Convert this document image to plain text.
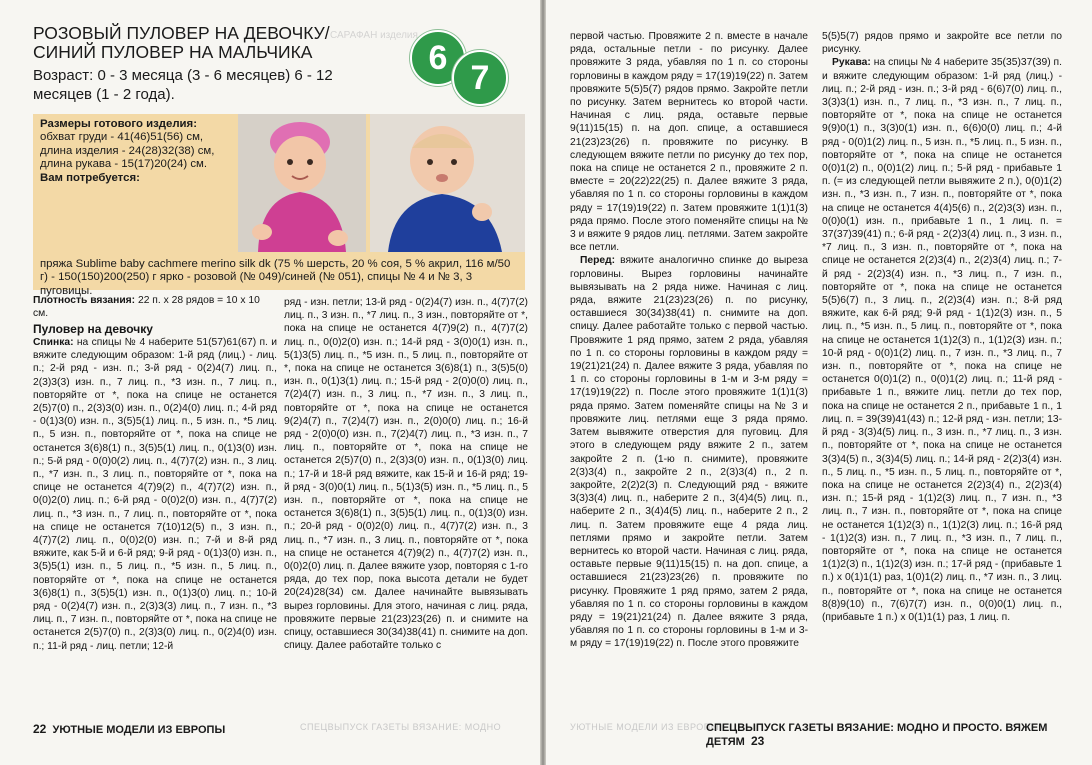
РОЗОВЫЙ ПУЛОВЕР НА ДЕВОЧКУ/ СИНИЙ ПУЛОВЕР НА МАЛЬЧИКА

Возраст: 0 - 3 месяца (3 - 6 месяцев) 6 - 12 месяцев (1 - 2 года).

САРАФАН изделия
6
7

Размеры готового изделия: обхват груди - 41(46)51(56) см, длина изделия - 24(28)32(38) см, длина рукава - 15(17)20(24) см.
Вам потребуется:

пряжа Sublime baby cachmere merino silk dk (75 % шерсть, 20 % соя, 5 % акрил, 116 м/50 г) - 150(150)200(250) г ярко - розовой (№ 049)/синей (№ 051), спицы № 4 и № 3, 3 пуговицы.

Плотность вязания: 22 п. x 28 рядов = 10 x 10 см.

Пуловер на девочку

Спинка: на спицы № 4 наберите 51(57)61(67) п. и вяжите следующим образом: 1-й ряд (лиц.) - лиц. п.; 2-й ряд - изн. п.; 3-й ряд - 0(2)4(7) лиц. п., 2(3)3(3) изн. п., 7 лиц. п., *3 изн. п., 7 лиц. п., повторяйте от *, пока на спице не останется 2(5)7(0) п., 2(3)3(0) изн. п., 0(2)4(0) лиц. п.; 4-й ряд - 0(1)3(0) изн. п., 3(5)5(1) лиц. п., 5 изн. п., *5 лиц. п., 5 изн. п., повторяйте от *, пока на спице не останется 3(6)8(1) п., 3(5)5(1) лиц. п., 0(1)3(0) изн. п.; 5-й ряд - 0(0)0(2) лиц. п., 4(7)7(2) изн. п., 3 лиц. п., *7 изн. п., 3 лиц. п., повторяйте от *, пока на спице не останется 4(7)9(2) п., 4(7)7(2) изн. п., 0(0)2(0) лиц. п.; 6-й ряд - 0(0)2(0) изн. п., 4(7)7(2) лиц. п., *3 изн. п., 7 лиц. п., повторяйте от *, пока на спице не останется 7(10)12(5) п., 3 изн. п., 4(7)7(2) лиц. п., 0(0)2(0) изн. п.; 7-й и 8-й ряд вяжите, как 5-й и 6-й ряд; 9-й ряд - 0(1)3(0) изн. п., 3(5)5(1) изн. п., 5 лиц. п., *5 изн. п., 5 лиц. п., повторяйте от *, пока на спице не останется 3(6)8(1) п., 3(5)5(1) изн. п., 0(1)3(0) лиц. п.; 10-й ряд - 0(2)4(7) изн. п., 2(3)3(3) лиц. п., 7 изн. п., *3 лиц. п., 7 изн. п., повторяйте от *, пока на спице не останется 2(5)7(0) п., 2(3)3(0) лиц. п., 0(2)4(0) изн. п.; 11-й ряд - лиц. петли; 12-й

ряд - изн. петли; 13-й ряд - 0(2)4(7) изн. п., 4(7)7(2) лиц. п., 3 изн. п., *7 лиц. п., 3 изн., повторяйте от *, пока на спице не останется 4(7)9(2) п., 4(7)7(2) лиц. п., 0(0)2(0) изн. п.; 14-й ряд - 3(0)0(1) изн. п., 5(1)3(5) лиц. п., *5 изн. п., 5 лиц. п., повторяйте от *, пока на спице не останется 3(6)8(1) п., 3(5)5(0) изн. п., 0(1)3(1) лиц. п.; 15-й ряд - 2(0)0(0) лиц. п., 7(2)4(7) изн. п., 3 лиц. п., *7 изн. п., 3 лиц. п., повторяйте от *, пока на спице не останется 9(2)4(7) п., 7(2)4(7) изн. п., 2(0)0(0) лиц. п.; 16-й ряд - 2(0)0(0) изн. п., 7(2)4(7) лиц. п., *3 изн. п., 7 лиц. п., повторяйте от *, пока на спице не останется 2(5)7(0) п., 2(3)3(0) изн. п., 0(1)3(0) лиц. п.; 17-й и 18-й ряд вяжите, как 15-й и 16-й ряд; 19-й ряд - 3(0)0(1) лиц. п., 5(1)3(5) изн. п., *5 лиц. п., 5 изн. п., повторяйте от *, пока на спице не останется 3(6)8(1) п., 3(5)5(1) лиц. п., 0(1)3(0) изн. п.; 20-й ряд - 0(0)2(0) лиц. п., 4(7)7(2) изн. п., 3 лиц. п., *7 изн. п., 3 лиц. п., повторяйте от *, пока на спице не останется 4(7)9(2) п., 4(7)7(2) изн. п., 0(0)2(0) лиц. п. Далее вяжите узор, повторяя с 1-го ряда, до тех пор, пока высота детали не будет 20(24)28(34) см. Далее начинайте вывязывать вырез горловины. Для этого, начиная с лиц. ряда, провяжите первые 21(23)23(26) п. и снимите на спицу, оставшиеся 30(34)38(41) п. снимите на доп. спицу. Далее работайте только с

22 УЮТНЫЕ МОДЕЛИ ИЗ ЕВРОПЫ	СПЕЦВЫПУСК ГАЗЕТЫ ВЯЗАНИЕ: МОДНО

первой частью. Провяжите 2 п. вместе в начале ряда, остальные петли - по рисунку. Далее провяжите 3 ряда, убавляя по 1 п. со стороны горловины в каждом ряду = 17(19)19(22) п. Затем провяжите 5(5)5(7) рядов прямо. Закройте петли по рисунку. Затем вернитесь ко второй части. Начиная с лиц. ряда, оставьте первые 9(11)15(15) п. на доп. спице, а оставшиеся 21(23)23(26) п. провяжите по рисунку. В следующем вяжите петли по рисунку до тех пор, пока на спице не останется 2 п., провяжите 2 п. вместе = 20(22)22(25) п. Далее вяжите 3 ряда, убавляя по 1 п. со стороны горловины в каждом ряду = 17(19)19(22) п. Затем провяжите 1(1)1(3) ряда прямо. После этого поменяйте спицы на № 3 и вяжите 9 рядов лиц. петлями. Затем закройте все петли.

Перед: вяжите аналогично спинке до выреза горловины. Вырез горловины начинайте вывязывать на 2 ряда ниже. Начиная с лиц. ряда, вяжите 21(23)23(26) п. по рисунку, оставшиеся 30(34)38(41) п. снимите на доп. спицу. Далее работайте только с первой частью. Провяжите 1 ряд прямо, затем 2 ряда, убавляя по 1 п. со стороны горловины в каждом ряду = 19(21)21(24) п. Далее вяжите 3 ряда, убавляя по 1 п. со стороны горловины в 1-м и 3-м ряду = 17(19)19(22) п. После этого провяжите 1(1)1(3) ряда прямо. Затем поменяйте спицы на № 3 и провяжите лиц. петлями еще 3 ряда прямо. Затем вывяжите отверстия для пуговиц. Для этого в следующем ряду вяжите 2 п., затем закройте 2 п. (1-ю п. снимите), провяжите 2(3)3(4) п., закройте 2 п., 2(3)3(4) п., 2 п. закройте, 2(2)2(3) п. Следующий ряд - вяжите 3(3)3(4) лиц. п., наберите 2 п., 3(4)4(5) лиц. п., наберите 2 п., 3(4)4(5) лиц. п., наберите 2 п., 2 лиц. п. Затем провяжите еще 4 ряда лиц. петлями прямо и закройте петли. Затем вернитесь ко второй части. Начиная с лиц. ряда, оставьте первые 9(11)15(15) п. на доп. спице, а оставшиеся 21(23)23(26) п. провяжите по рисунку. Провяжите 1 ряд прямо, затем 2 ряда, убавляя по 1 п. со стороны горловины в каждом ряду = 19(21)21(24) п. Далее вяжите 3 ряда, убавляя по 1 п. со стороны горловины в 1-м и 3-м ряду = 17(19)19(22) п. После этого провяжите

5(5)5(7) рядов прямо и закройте все петли по рисунку.

Рукава: на спицы № 4 наберите 35(35)37(39) п. и вяжите следующим образом: 1-й ряд (лиц.) - лиц. п.; 2-й ряд - изн. п.; 3-й ряд - 6(6)7(0) лиц. п., 3(3)3(1) изн. п., 7 лиц. п., *3 изн. п., 7 лиц. п., повторяйте от *, пока на спице не останется 9(9)0(1) п., 3(3)0(1) изн. п., 6(6)0(0) лиц. п.; 4-й ряд - 0(0)1(2) лиц. п., 5 изн. п., *5 лиц. п., 5 изн. п., повторяйте от *, пока на спице не останется 0(0)1(2) п., 0(0)1(2) лиц. п.; 5-й ряд - прибавьте 1 п. (= из следующей петли вывяжите 2 п.), 0(0)1(2) изн. п., *3 изн. п., 7 изн. п., повторяйте от *, пока на спице не останется 4(4)5(6) п., 2(2)3(3) изн. п., 0(0)0(1) изн. п., прибавьте 1 п., 1 лиц. п. = 37(37)39(41) п.; 6-й ряд - 2(2)3(4) лиц. п., 3 изн. п., *7 лиц. п., 3 изн. п., повторяйте от *, пока на спице не останется 2(2)3(4) п., 2(2)3(4) лиц. п.; 7-й ряд - 2(2)3(4) изн. п., *3 лиц. п., 7 изн. п., повторяйте от *, пока на спице не останется 5(5)6(7) п., 3 лиц. п., 2(2)3(4) изн. п.; 8-й ряд вяжите, как 6-й ряд; 9-й ряд - 1(1)2(3) изн. п., 5 лиц. п., *5 изн. п., 5 лиц. п., повторяйте от *, пока на спице не останется 1(1)2(3) п., 1(1)2(3) изн. п.; 10-й ряд - 0(0)1(2) лиц. п., 7 изн. п., *3 лиц. п., 7 изн. п., повторяйте от *, пока на спице не останется 0(0)1(2) п., 0(0)1(2) лиц. п.; 11-й ряд - прибавьте 1 п., вяжите лиц. петли до тех пор, пока на спице не останется 2 п., прибавьте 1 п., 1 лиц. п. = 39(39)41(43) п.; 12-й ряд - изн. петли; 13-й ряд - 3(3)4(5) лиц. п., 3 изн. п., *7 лиц. п., 3 изн. п., повторяйте от *, пока на спице не останется 3(3)4(5) п., 3(3)4(5) лиц. п.; 14-й ряд - 2(2)3(4) изн. п., 5 лиц. п., *5 изн. п., 5 лиц. п., повторяйте от *, пока на спице не останется 2(2)3(4) п., 2(2)3(4) изн. п.; 15-й ряд - 1(1)2(3) лиц. п., 7 изн. п., *3 лиц. п., 7 изн. п., повторяйте от *, пока на спице не останется 1(1)2(3) п., 1(1)2(3) лиц. п.; 16-й ряд - 1(1)2(3) изн. п., 7 лиц. п., *3 изн. п., 7 лиц. п., повторяйте от *, пока на спице не останется 1(1)2(3) п., 1(1)2(3) изн. п.; 17-й ряд - (прибавьте 1 п.) x 0(1)1(1) раз, 1(0)1(2) лиц. п., *7 изн. п., 3 лиц. п., повторяйте от *, пока на спице не останется 8(8)9(10) п., 7(6)7(7) изн. п., 0(0)0(1) лиц. п., (прибавьте 1 п.) x 0(1)1(1) раз, 1 лиц. п.

УЮТНЫЕ МОДЕЛИ ИЗ ЕВРОПЫ
СПЕЦВЫПУСК ГАЗЕТЫ ВЯЗАНИЕ: МОДНО И ПРОСТО. ВЯЖЕМ ДЕТЯМ 23
